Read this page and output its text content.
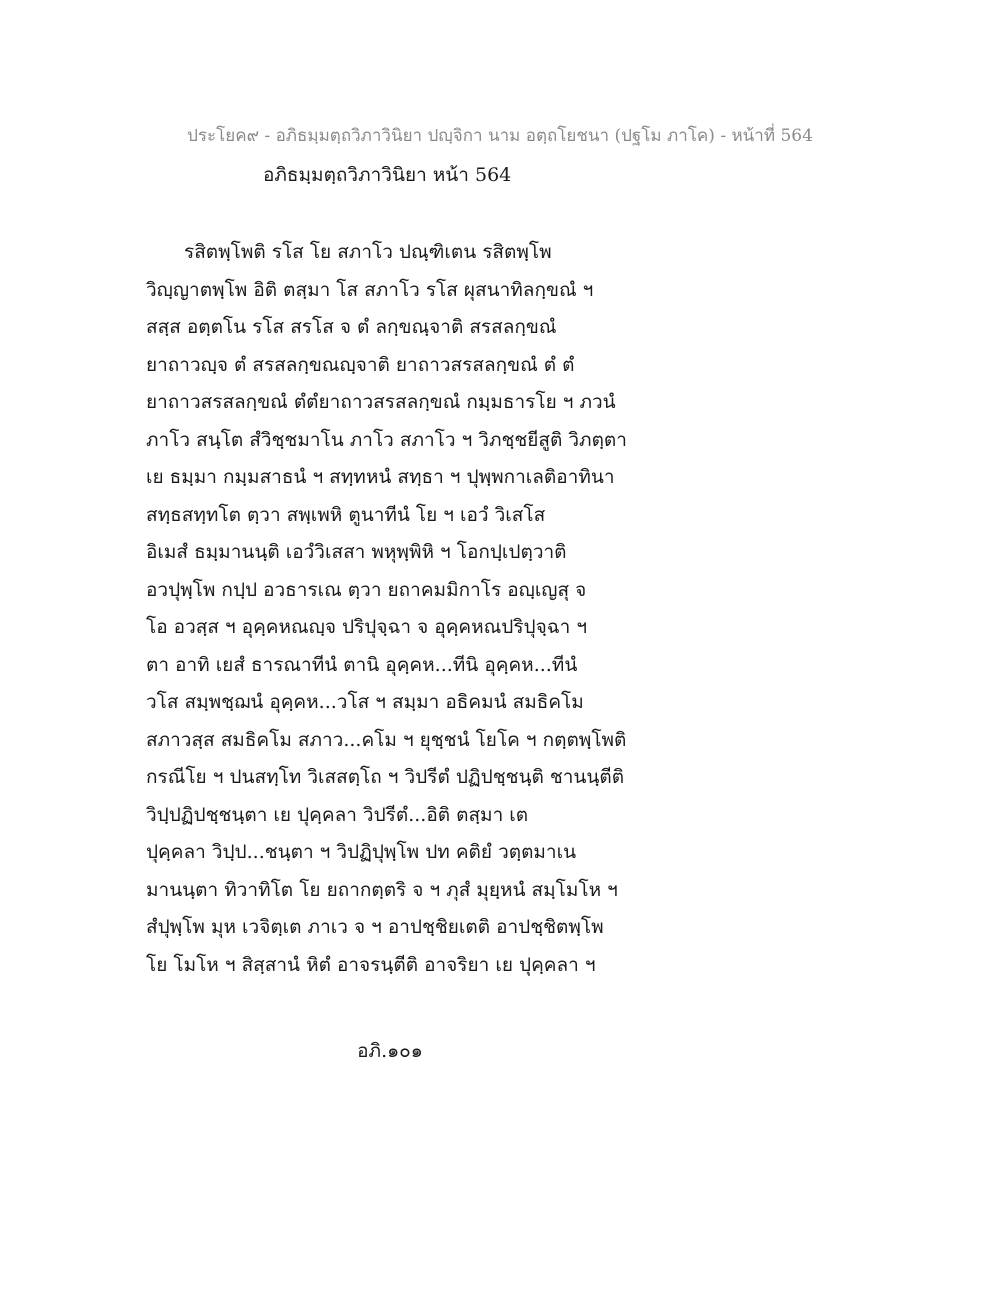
ประโยค๙ - อภิธมฺมตฺถวิภาวินิยา ปญฺจิกา นาม อตฺถโยชนา (ปฐโม ภาโค) - หน้าที่ 564
อภิธมฺมตฺถวิภาวินิยา หน้า 564
รสิตพฺโพติ รโส โย สภาโว ปณฺฑิเตน รสิตพฺโพ
วิญฺญาตพฺโพ อิติ ตสฺมา โส สภาโว รโส ผุสนาทิลกฺขณํ ฯ
สสฺส อตฺตโน รโส สรโส จ ตํ ลกฺขณฺจาติ สรสลกฺขณํ
ยาถาวญฺจ ตํ สรสลกฺขณญฺจาติ ยาถาวสรสลกฺขณํ ตํ ตํ
ยาถาวสรสลกฺขณํ ตํตํยาถาวสรสลกฺขณํ กมฺมธารโย ฯ ภวนํ
ภาโว สนฺโต สํวิชฺชมาโน ภาโว สภาโว ฯ วิภชฺชยีสูติ วิภตฺตา
เย ธมฺมา กมฺมสาธนํ ฯ สทฺทหนํ สทฺธา ฯ ปุพฺพกาเลติอาทินา
สทฺธสทฺทโต ตฺวา สพฺเพหิ ตูนาทีนํ โย ฯ เอวํ วิเสโส
อิเมสํ ธมฺมานนฺติ เอวํวิเสสา พหุพฺพิหิ ฯ โอกปฺเปตฺวาติ
อวปุพฺโพ กปฺป อวธารเณ ตฺวา ยถาคมมิกาโร อญฺเญสุ จ
โอ อวสฺส ฯ อุคฺคหณญฺจ ปริปุจฺฉา จ อุคฺคหณปริปุจฺฉา ฯ
ตา อาทิ เยสํ ธารณาทีนํ ตานิ อุคฺคห...ทีนิ อุคฺคห...ทีนํ
วโส สมฺพชฺฌนํ อุคฺคห...วโส ฯ สมฺมา อธิคมนํ สมธิคโม
สภาวสฺส สมธิคโม สภาว...คโม ฯ ยุชฺชนํ โยโค ฯ กตฺตพฺโพติ
กรณีโย ฯ ปนสทฺโท วิเสสตฺโถ ฯ วิปรีตํ ปฏิปชฺชนฺติ ชานนฺตีติ
วิปฺปฏิปชฺชนฺตา เย ปุคฺคลา วิปรีตํ...อิติ ตสฺมา เต
ปุคฺคลา วิปฺป...ชนฺตา ฯ วิปฏิปุพฺโพ ปท คติยํ วตฺตมาเน
มานนฺตา ทิวาทิโต โย ยถากตฺตริ จ ฯ ภุสํ มุยฺหนํ สมฺโมโห ฯ
สํปุพฺโพ มุห เวจิตฺเต ภาเว จ ฯ อาปชฺชิยเตติ อาปชฺชิตพฺโพ
โย โมโห ฯ สิสฺสานํ หิตํ อาจรนฺตีติ อาจริยา เย ปุคฺคลา ฯ
อภิ.๑๐๑
